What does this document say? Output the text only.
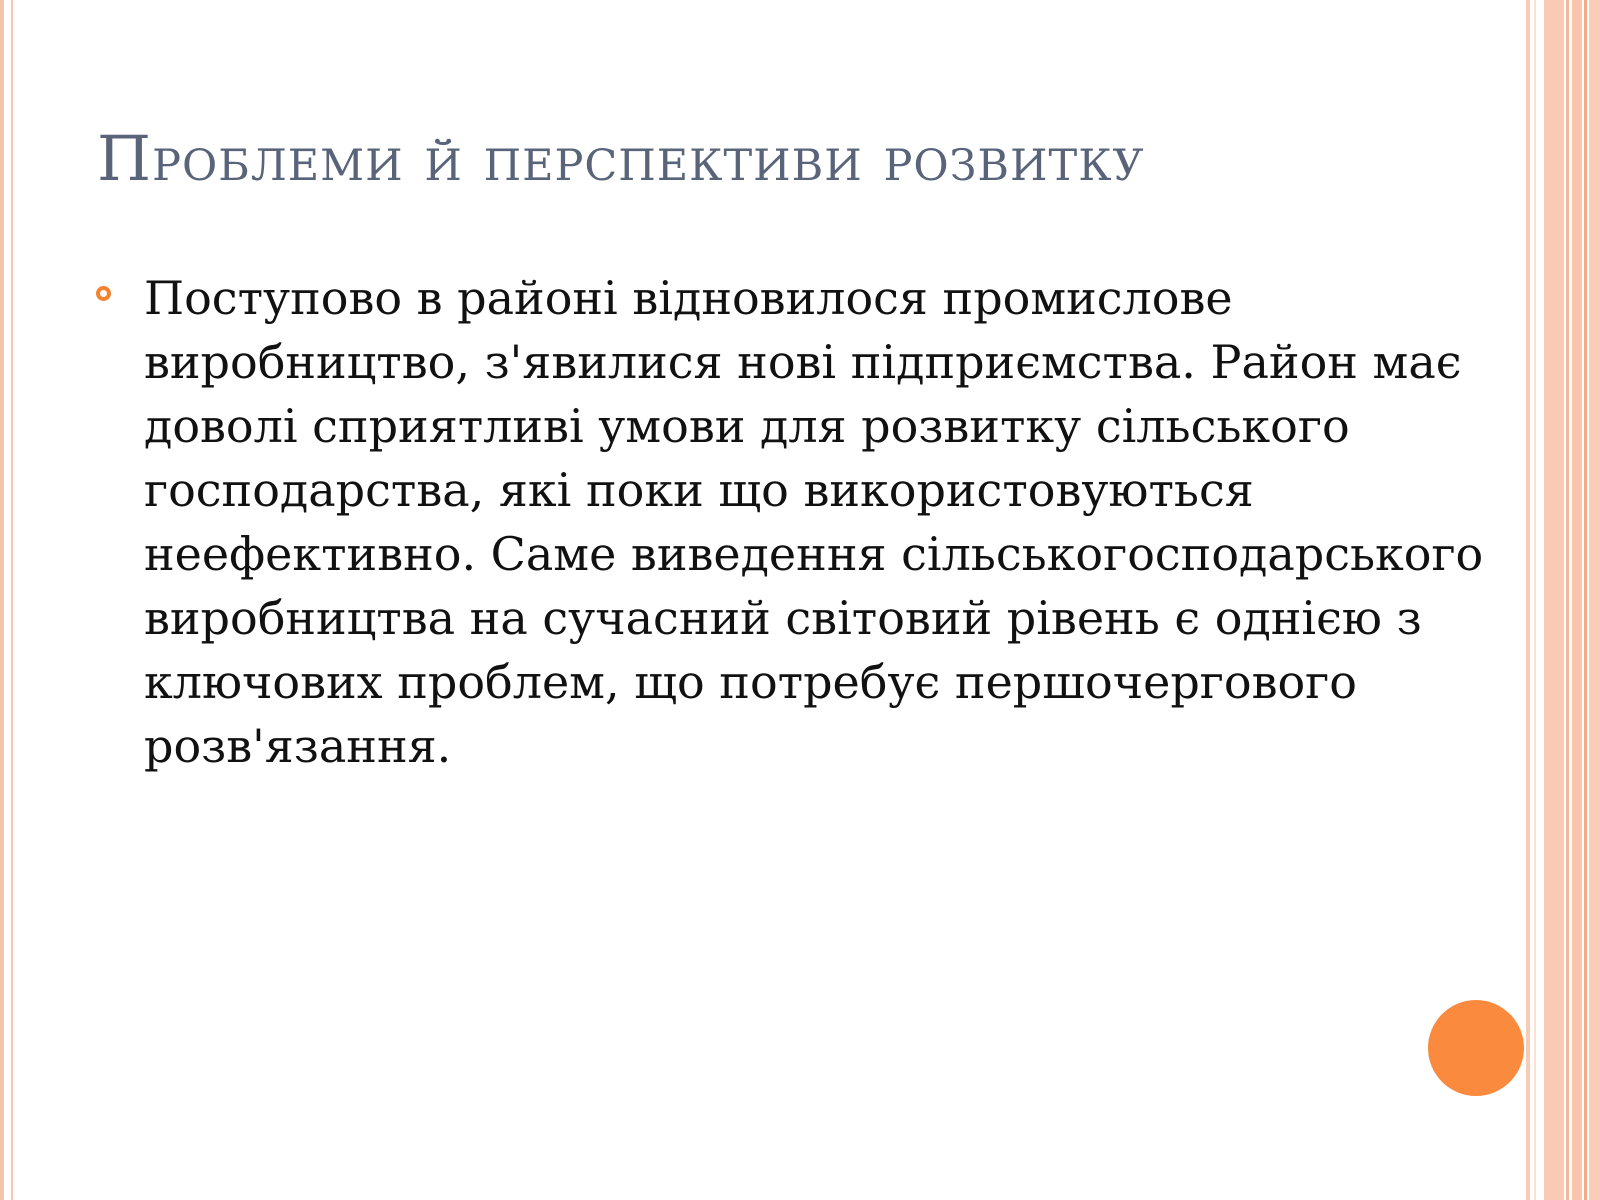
Проблеми й перспективи розвитку

Поступово в районі відновилося промислове виробництво, з'явилися нові підприємства. Район має доволі сприятливі умови для розвитку сільського господарства, які поки що використовуються неефективно. Саме виведення сільськогосподарського виробництва на сучасний світовий рівень є однією з ключових проблем, що потребує першочергового розв'язання.
